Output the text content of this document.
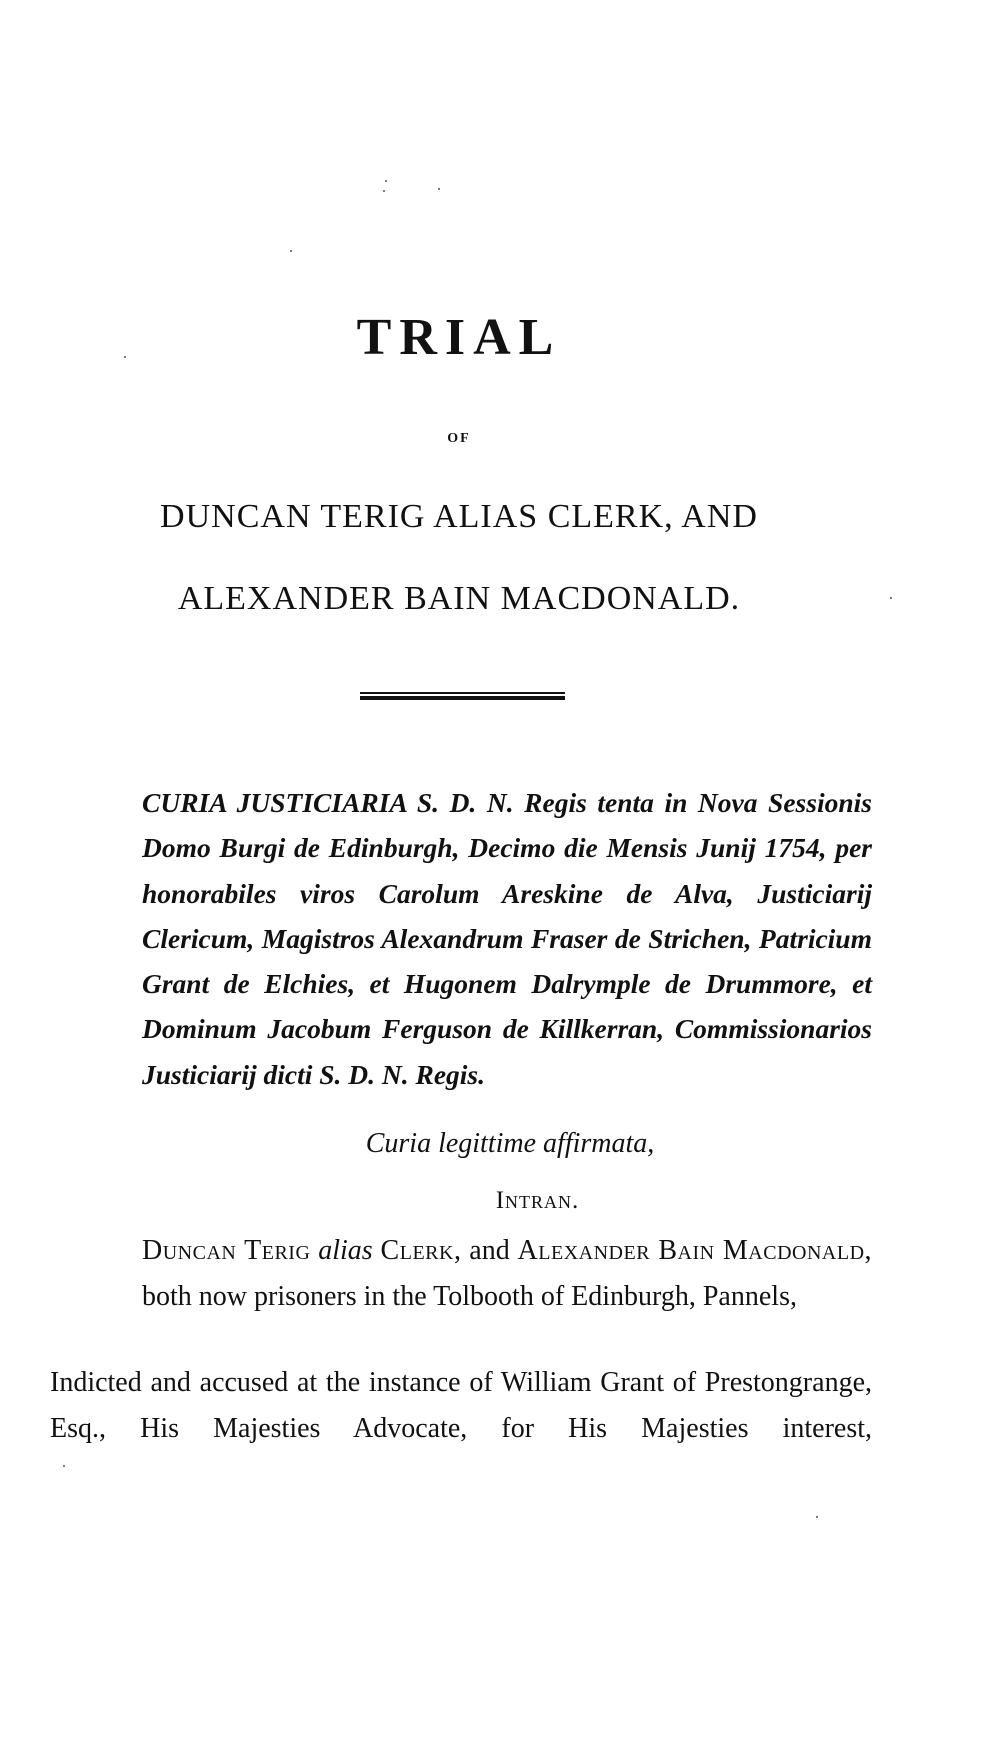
TRIAL
OF
DUNCAN TERIG ALIAS CLERK, AND
ALEXANDER BAIN MACDONALD.

CURIA JUSTICIARIA S. D. N. Regis tenta in Nova Sessionis Domo Burgi de Edinburgh, Decimo die Mensis Junij 1754, per honorabiles viros Carolum Areskine de Alva, Justiciarij Clericum, Magistros Alexandrum Fraser de Strichen, Patricium Grant de Elchies, et Hugonem Dalrymple de Drummore, et Dominum Jacobum Ferguson de Killkerran, Commissionarios Justiciarij dicti S. D. N. Regis.

Curia legittime affirmata,
Intran.

Duncan Terig alias Clerk, and Alexander Bain Macdonald, both now prisoners in the Tolbooth of Edinburgh, Pannels,

Indicted and accused at the instance of William Grant of Prestongrange, Esq., His Majesties Advocate, for His Majesties interest,
